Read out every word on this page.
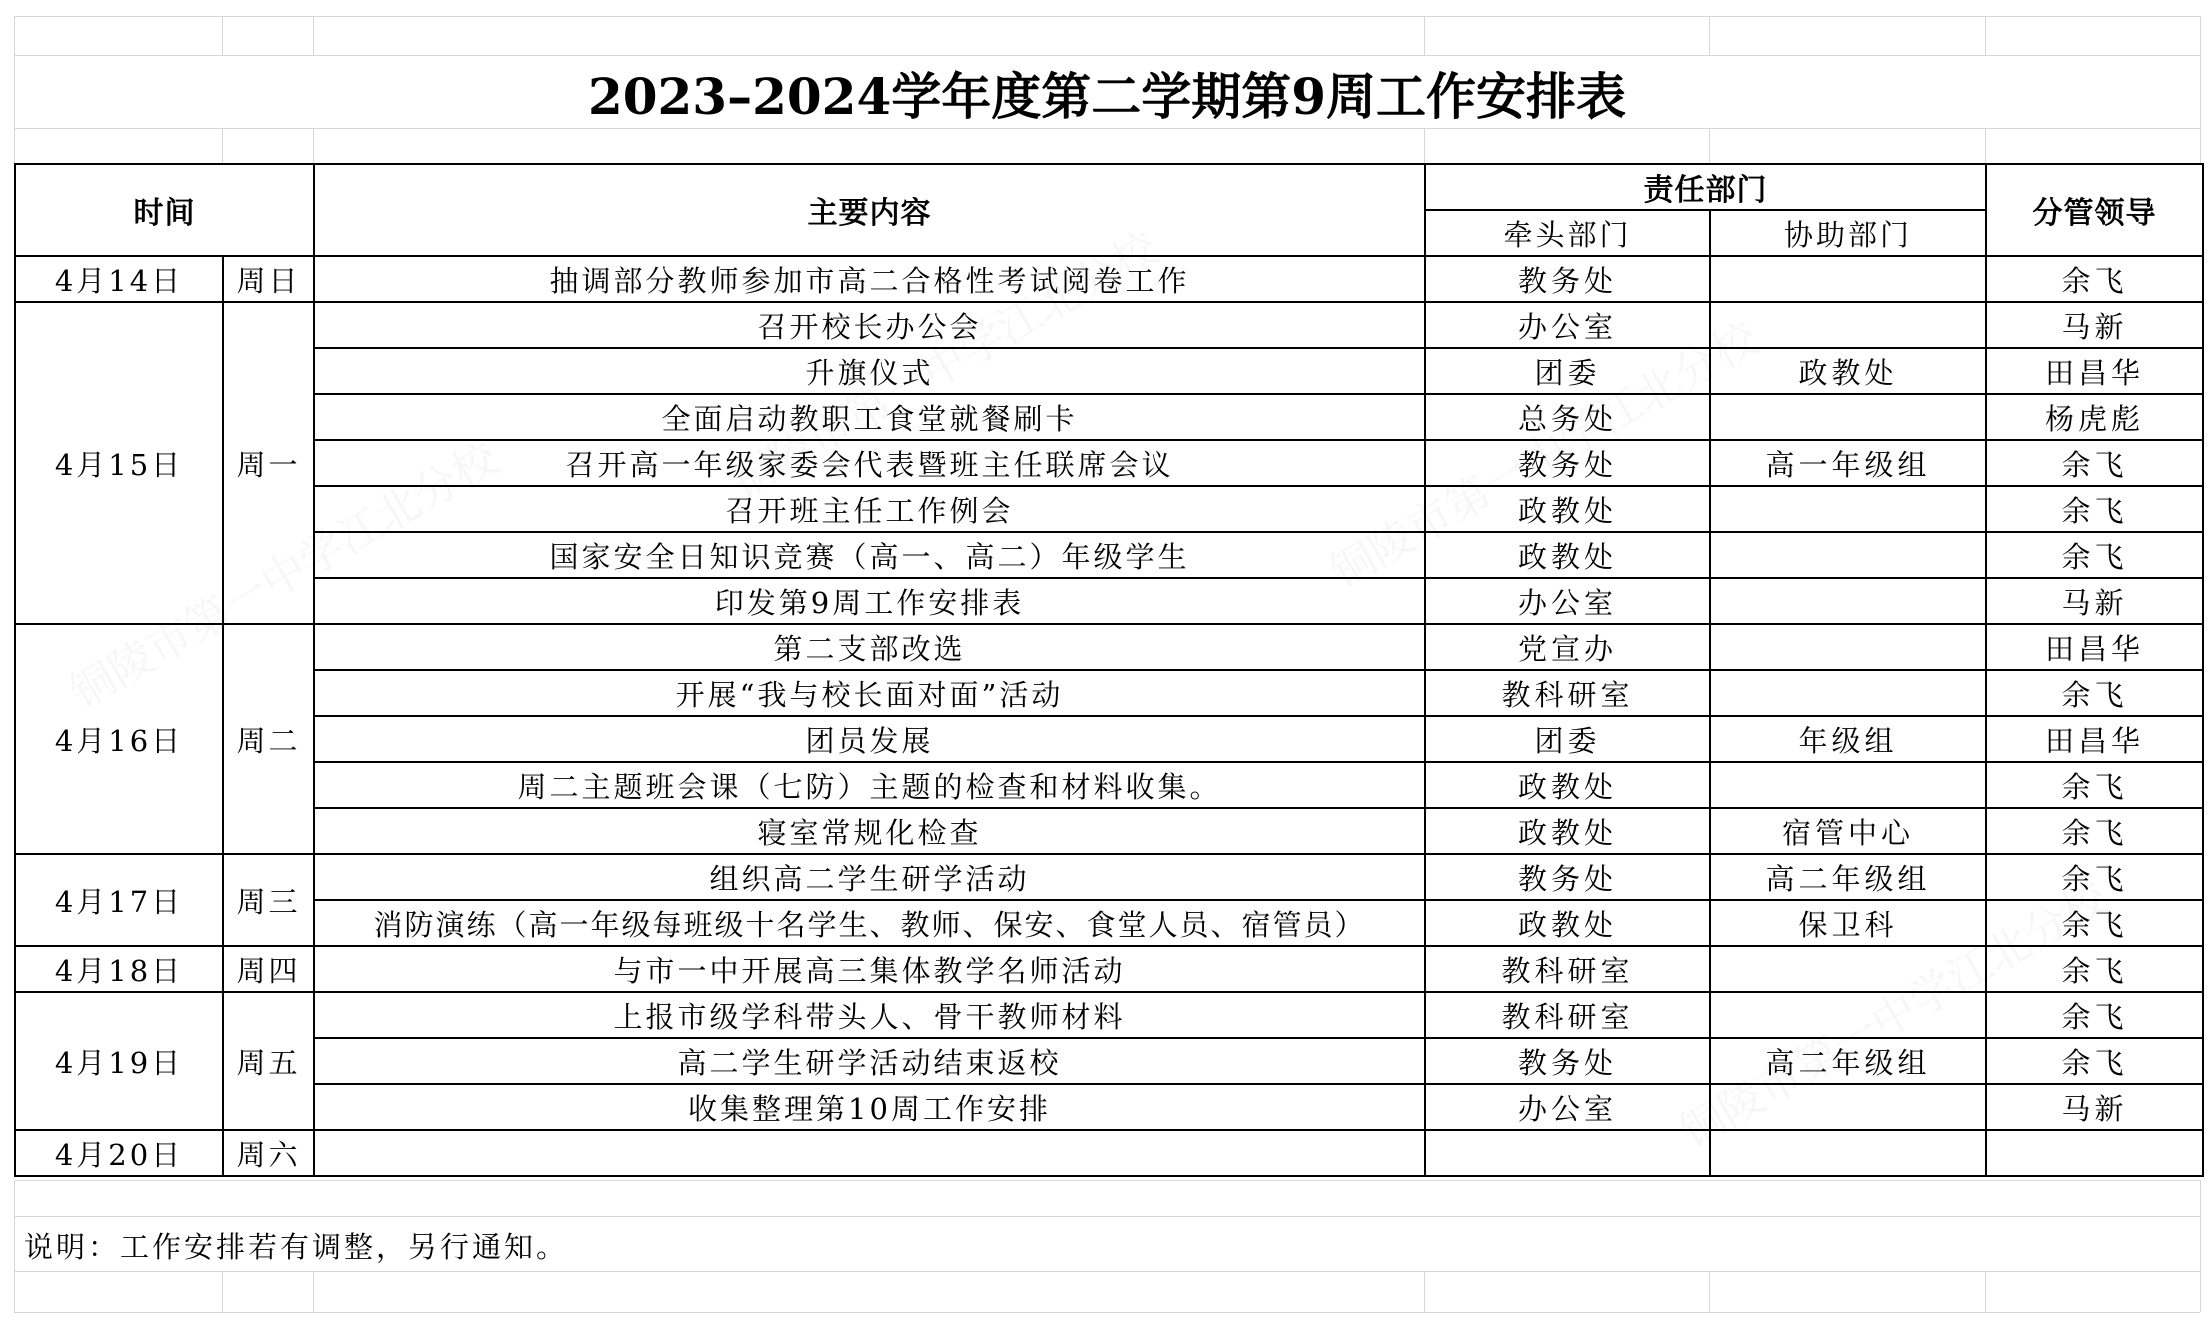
2023–2024学年度第二学期第9周工作安排表
时间		主要内容	责任部门		分管领导
			牵头部门	协助部门	
4月14日	周日	抽调部分教师参加市高二合格性考试阅卷工作	教务处		余飞
4月15日	周一	召开校长办公会	办公室		马新
		升旗仪式	团委	政教处	田昌华
		全面启动教职工食堂就餐刷卡	总务处		杨虎彪
		召开高一年级家委会代表暨班主任联席会议	教务处	高一年级组	余飞
		召开班主任工作例会	政教处		余飞
		国家安全日知识竞赛（高一、高二）年级学生	政教处		余飞
		印发第9周工作安排表	办公室		马新
4月16日	周二	第二支部改选	党宣办		田昌华
		开展“我与校长面对面”活动	教科研室		余飞
		团员发展	团委	年级组	田昌华
		周二主题班会课（七防）主题的检查和材料收集。	政教处		余飞
		寝室常规化检查	政教处	宿管中心	余飞
4月17日	周三	组织高二学生研学活动	教务处	高二年级组	余飞
		消防演练（高一年级每班级十名学生、教师、保安、食堂人员、宿管员）	政教处	保卫科	余飞
4月18日	周四	与市一中开展高三集体教学名师活动	教科研室		余飞
4月19日	周五	上报市级学科带头人、骨干教师材料	教科研室		余飞
		高二学生研学活动结束返校	教务处	高二年级组	余飞
		收集整理第10周工作安排	办公室		马新
4月20日	周六				
说明：工作安排若有调整，另行通知。
